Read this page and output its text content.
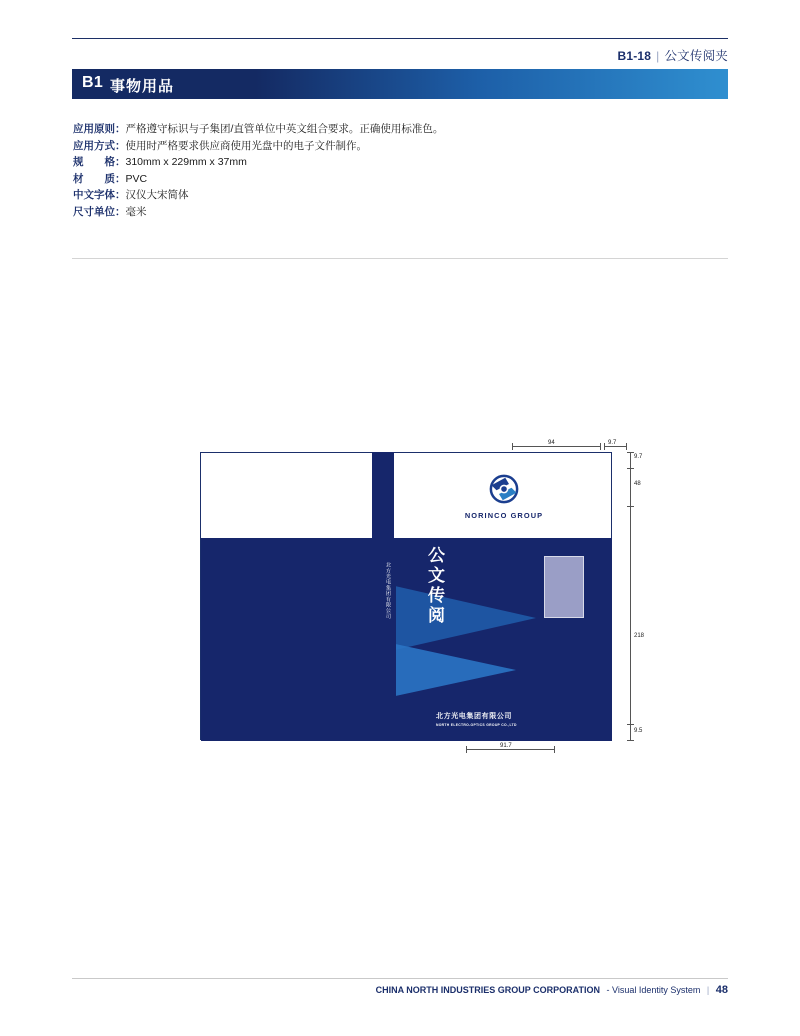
B1-18 | 公文传阅夹
B1 事物用品
应用原则： 严格遵守标识与子集团/直管单位中英文组合要求。正确使用标准色。
应用方式： 使用时严格要求供应商使用光盘中的电子文件制作。
规　　格： 310mm x 229mm x 37mm
材　　质： PVC
中文字体： 汉仪大宋简体
尺寸单位： 毫米
北方光电集团有限公司
NORINCO GROUP
公文传阅
北方光电集团有限公司
NORTH ELECTRO-OPTICS GROUP CO.,LTD
94	9.7
9.7
48
218
9.5
91.7
CHINA NORTH INDUSTRIES GROUP CORPORATION - Visual Identity System | 48
